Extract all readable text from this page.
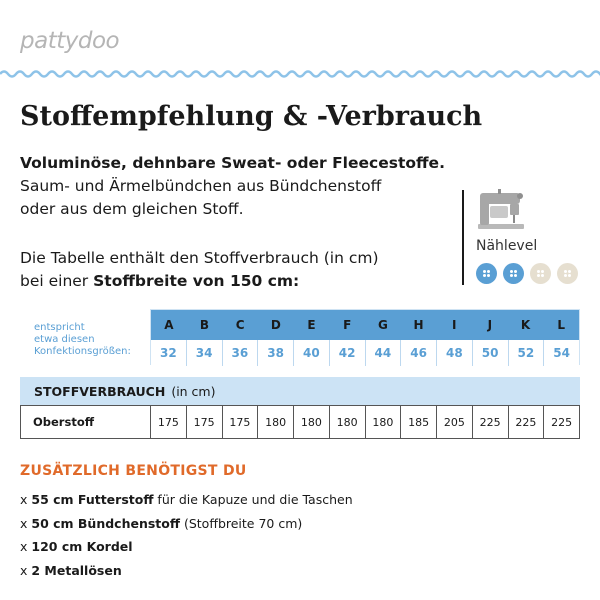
pattydoo
Stoffempfehlung & -Verbrauch
Voluminöse, dehnbare Sweat- oder Fleecestoffe.
Saum- und Ärmelbündchen aus Bündchenstoff
oder aus dem gleichen Stoff.
Die Tabelle enthält den Stoffverbrauch (in cm)
bei einer Stoffbreite von 150 cm:
Nählevel
entspricht
etwa diesen
Konfektionsgrößen:
A	B	C	D	E	F	G	H	I	J	K	L
32	34	36	38	40	42	44	46	48	50	52	54
STOFFVERBRAUCH (in cm)
Oberstoff	175	175	175	180	180	180	180	185	205	225	225	225
ZUSÄTZLICH BENÖTIGST DU
x 55 cm Futterstoff für die Kapuze und die Taschen
x 50 cm Bündchenstoff (Stoffbreite 70 cm)
x 120 cm Kordel
x 2 Metallösen
